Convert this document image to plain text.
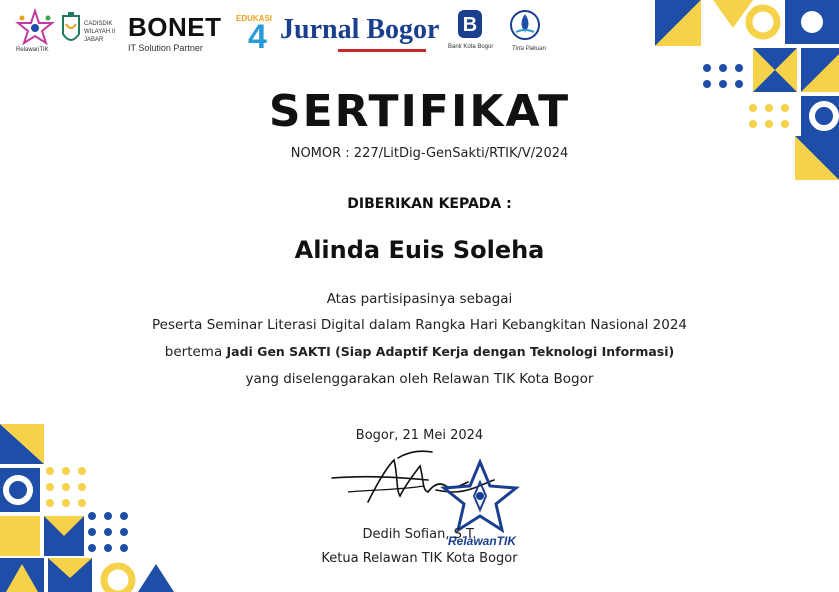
RelawanTIK
CADISDIK WILAYAH II JABAR BONET
IT Solution Partner
EDUKASI
4 Jurnal Bogor B
Bank Kota Bogor	Tirta Pakuan
SERTIFIKAT
NOMOR : 227/LitDig-GenSakti/RTIK/V/2024
DIBERIKAN KEPADA :
Alinda Euis Soleha
Atas partisipasinya sebagai
Peserta Seminar Literasi Digital dalam Rangka Hari Kebangkitan Nasional 2024
bertema Jadi Gen SAKTI (Siap Adaptif Kerja dengan Teknologi Informasi)
yang diselenggarakan oleh Relawan TIK Kota Bogor
Bogor, 21 Mei 2024
RelawanTIK
Dedih Sofian, S.T.
Ketua Relawan TIK Kota Bogor
